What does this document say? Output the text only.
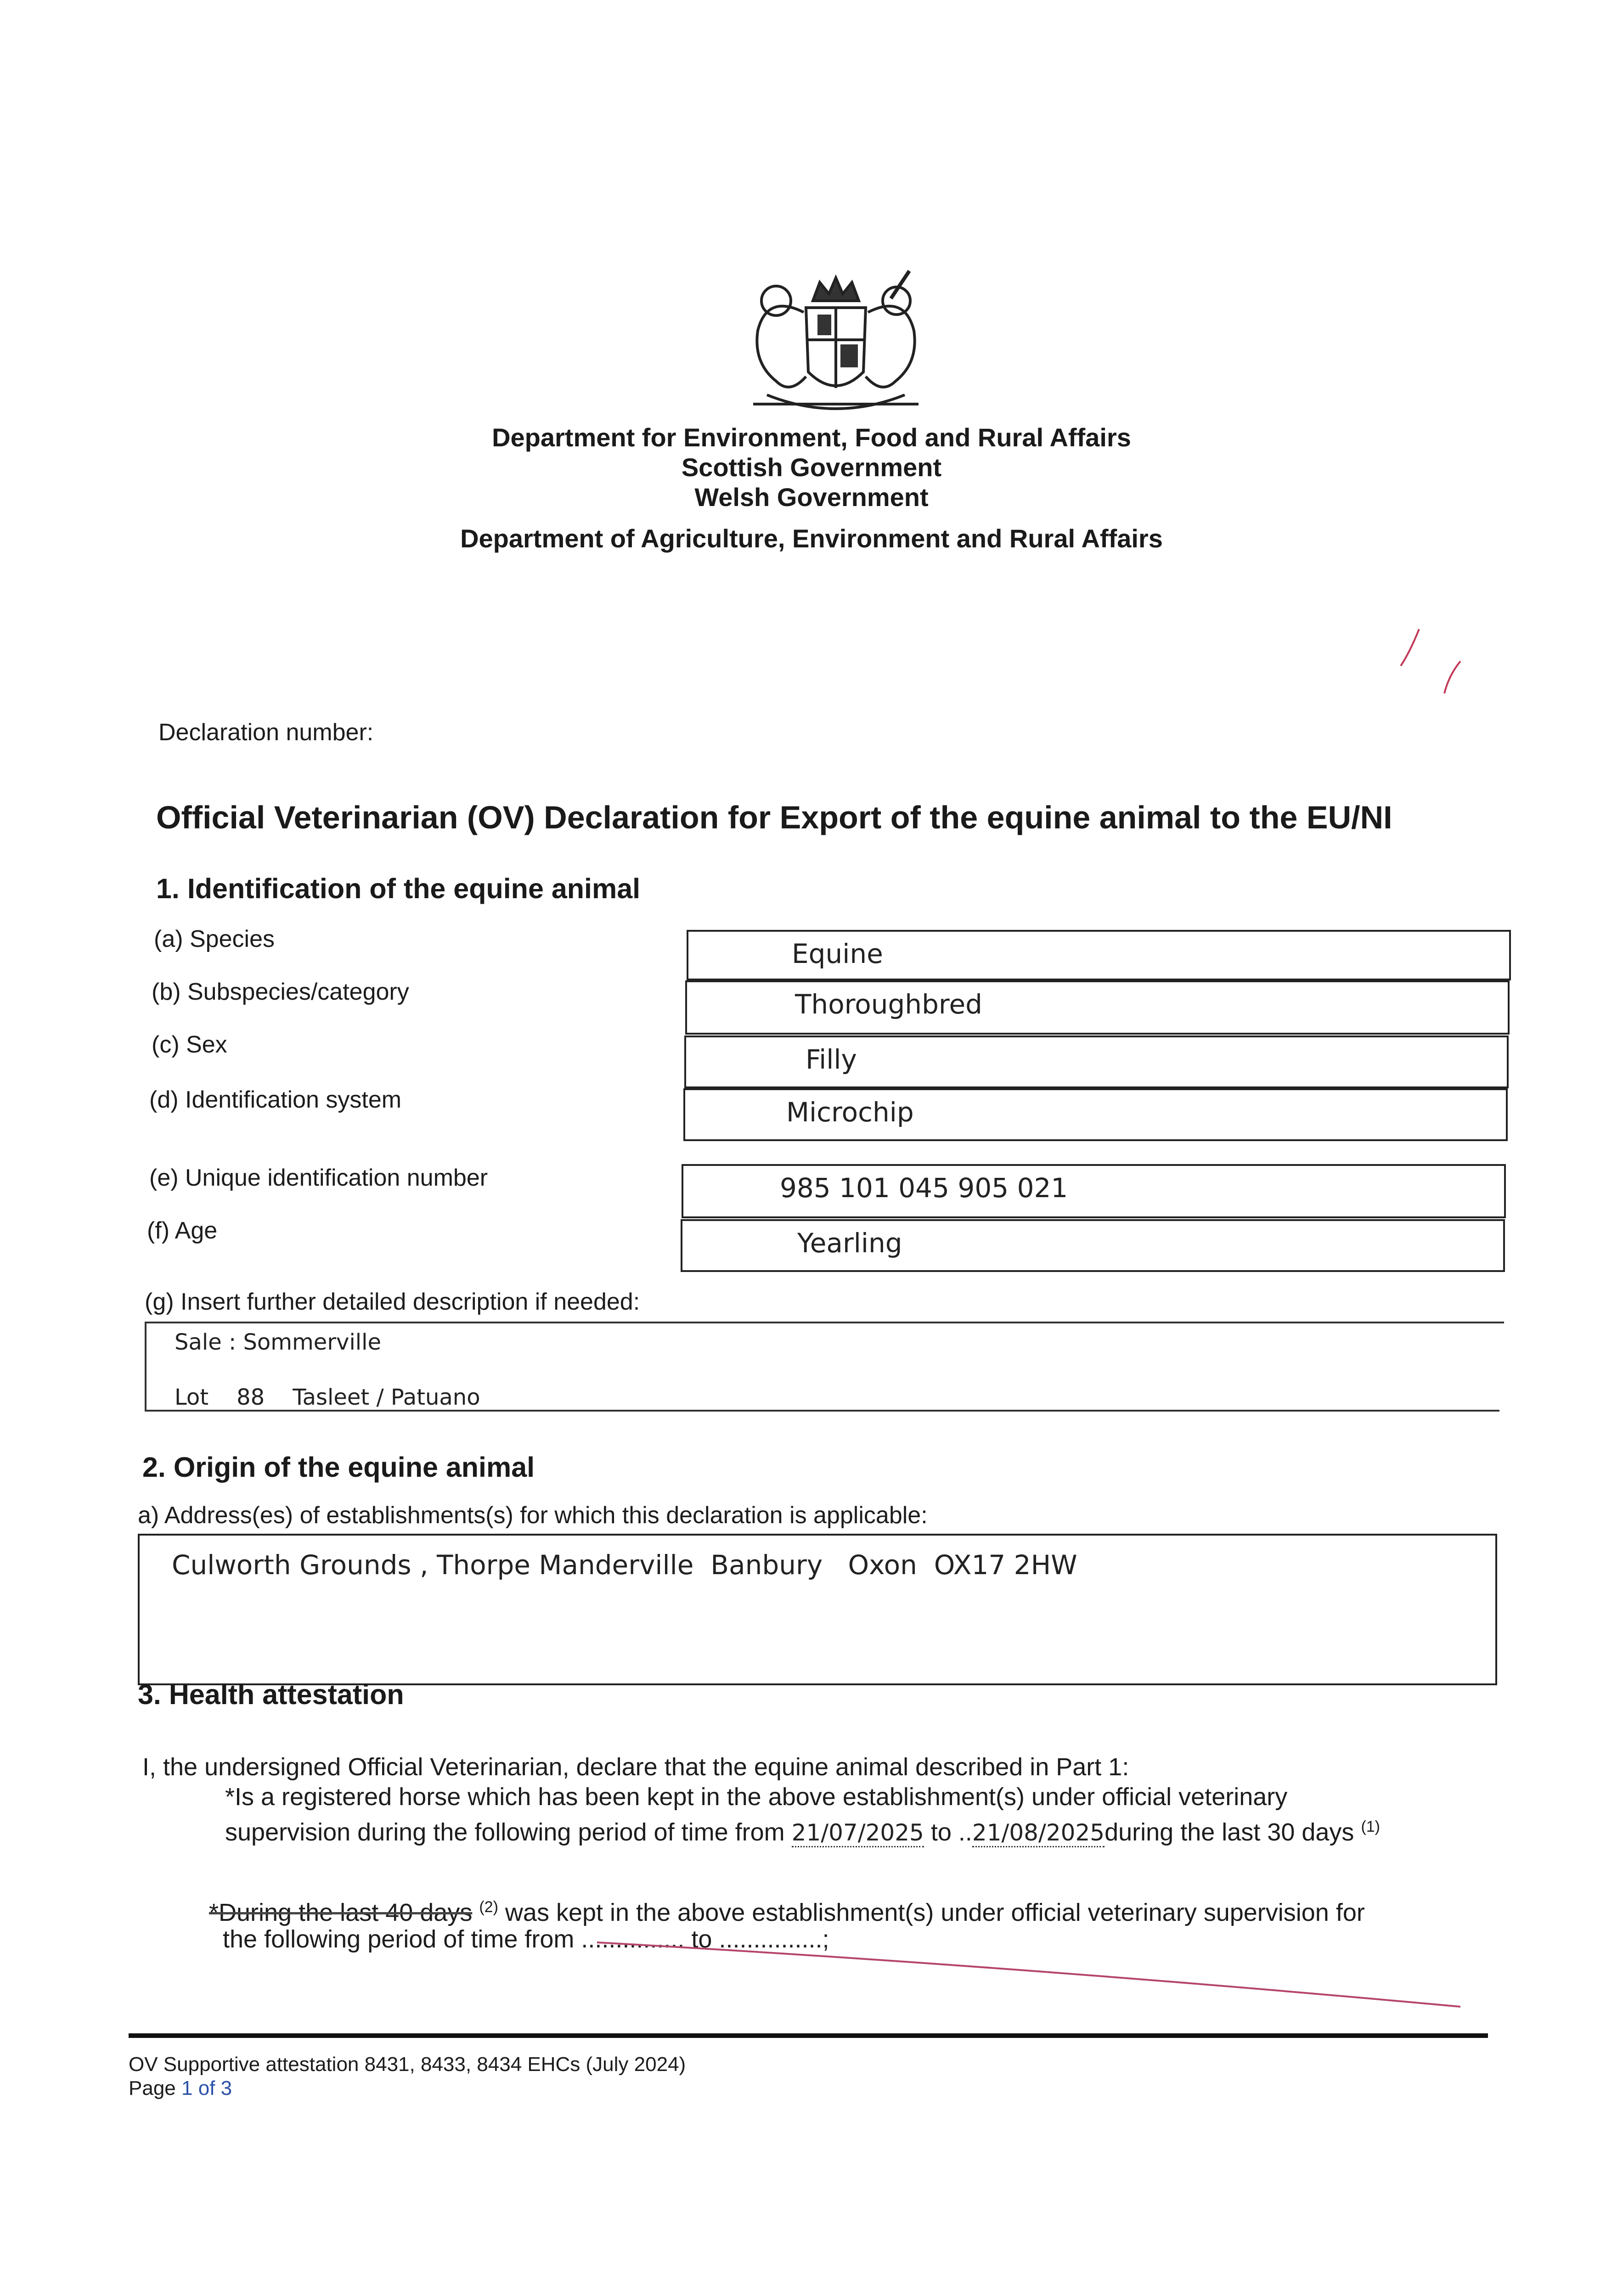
Department for Environment, Food and Rural Affairs
Scottish Government
Welsh Government
Department of Agriculture, Environment and Rural Affairs
Declaration number:
Official Veterinarian (OV) Declaration for Export of the equine animal to the EU/NI
1. Identification of the equine animal
(a) Species	Equine
(b) Subspecies/category	Thoroughbred
(c) Sex	Filly
(d) Identification system	Microchip
(e) Unique identification number	985 101 045 905 021
(f) Age	Yearling
(g) Insert further detailed description if needed:
Sale : Sommerville
Lot    88    Tasleet / Patuano
2. Origin of the equine animal
a) Address(es) of establishments(s) for which this declaration is applicable:
Culworth Grounds , Thorpe Manderville  Banbury   Oxon  OX17 2HW
3. Health attestation
I, the undersigned Official Veterinarian, declare that the equine animal described in Part 1:
*Is a registered horse which has been kept in the above establishment(s) under official veterinary
supervision during the following period of time from 21/07/2025 to ..21/08/2025during the last 30 days $^{(1)}$
*During the last 40 days $^{(2)}$ was kept in the above establishment(s) under official veterinary supervision for
the following period of time from ............... to ...............;
OV Supportive attestation 8431, 8433, 8434 EHCs (July 2024)
Page 1 of 3
